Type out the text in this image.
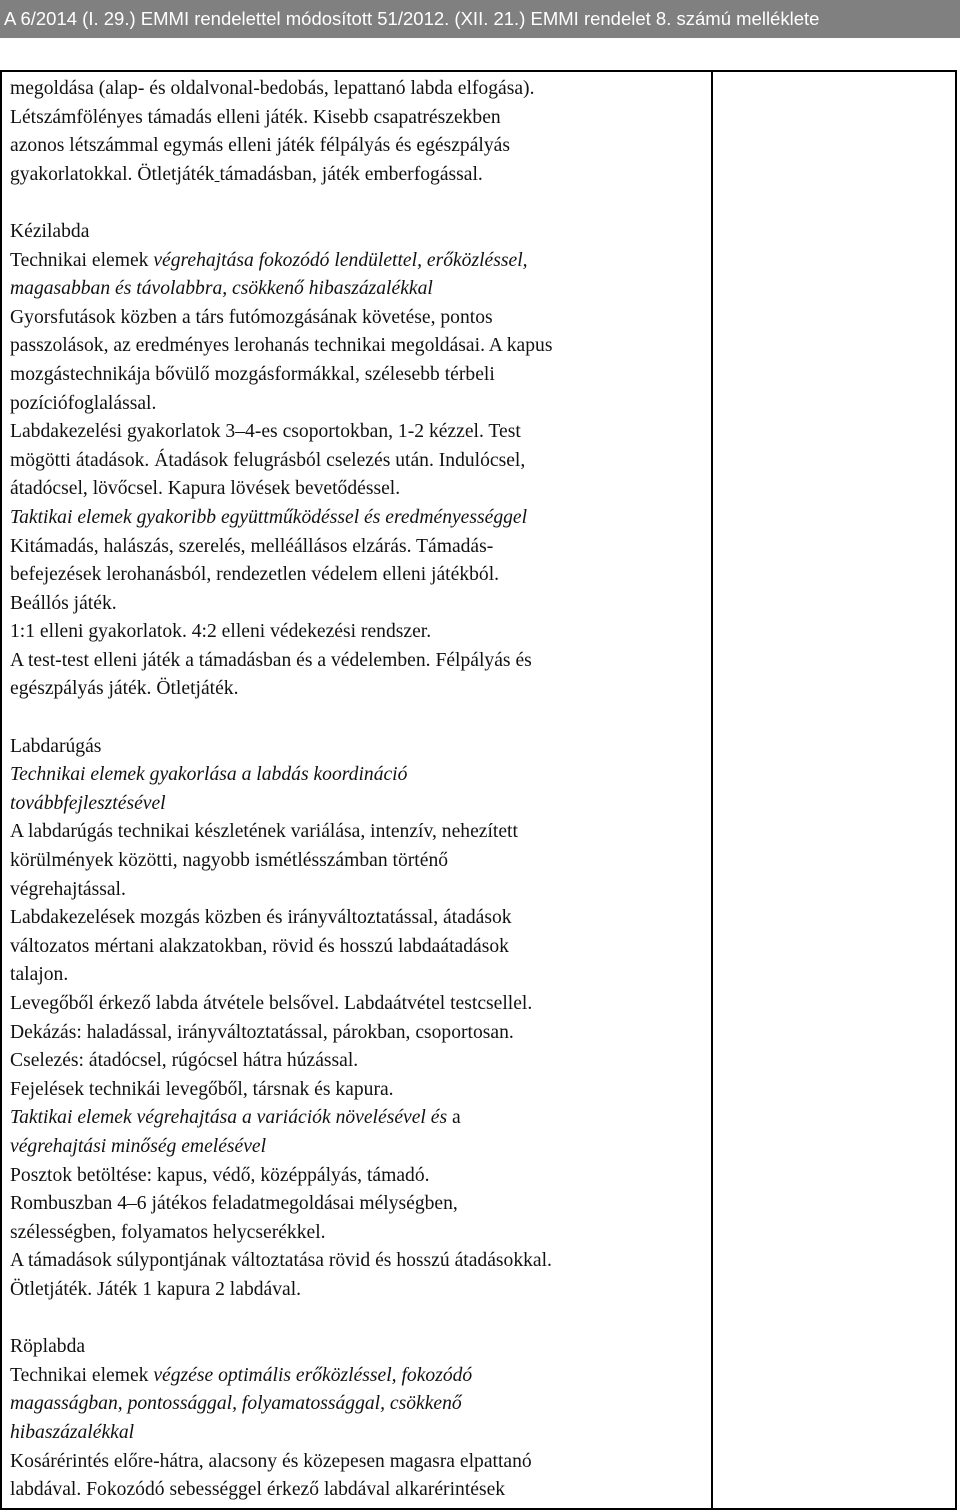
A 6/2014 (I. 29.) EMMI rendelettel módosított 51/2012. (XII. 21.) EMMI rendelet 8. számú melléklete
megoldása (alap- és oldalvonal-bedobás, lepattanó labda elfogása).
Létszámfölényes támadás elleni játék. Kisebb csapatrészekben
azonos létszámmal egymás elleni játék félpályás és egészpályás
gyakorlatokkal. Ötletjáték támadásban, játék emberfogással.
Kézilabda
Technikai elemek végrehajtása fokozódó lendülettel, erőközléssel,
magasabban és távolabbra, csökkenő hibaszázalékkal
Gyorsfutások közben a társ futómozgásának követése, pontos
passzolások, az eredményes lerohanás technikai megoldásai. A kapus
mozgástechnikája bővülő mozgásformákkal, szélesebb térbeli
pozíciófoglalással.
Labdakezelési gyakorlatok 3–4-es csoportokban, 1-2 kézzel. Test
mögötti átadások. Átadások felugrásból cselezés után. Indulócsel,
átadócsel, lövőcsel. Kapura lövések bevetődéssel.
Taktikai elemek gyakoribb együttműködéssel és eredményességgel
Kitámadás, halászás, szerelés, melléállásos elzárás. Támadás-
befejezések lerohanásból, rendezetlen védelem elleni játékból.
Beállós játék.
1:1 elleni gyakorlatok. 4:2 elleni védekezési rendszer.
A test-test elleni játék a támadásban és a védelemben. Félpályás és
egészpályás játék. Ötletjáték.
Labdarúgás
Technikai elemek gyakorlása a labdás koordináció
továbbfejlesztésével
A labdarúgás technikai készletének variálása, intenzív, nehezített
körülmények közötti, nagyobb ismétlésszámban történő
végrehajtással.
Labdakezelések mozgás közben és irányváltoztatással, átadások
változatos mértani alakzatokban, rövid és hosszú labdaátadások
talajon.
Levegőből érkező labda átvétele belsővel. Labdaátvétel testcsellel.
Dekázás: haladással, irányváltoztatással, párokban, csoportosan.
Cselezés: átadócsel, rúgócsel hátra húzással.
Fejelések technikái levegőből, társnak és kapura.
Taktikai elemek végrehajtása a variációk növelésével és a
végrehajtási minőség emelésével
Posztok betöltése: kapus, védő, középpályás, támadó.
Rombuszban 4–6 játékos feladatmegoldásai mélységben,
szélességben, folyamatos helycserékkel.
A támadások súlypontjának változtatása rövid és hosszú átadásokkal.
Ötletjáték. Játék 1 kapura 2 labdával.
Röplabda
Technikai elemek végzése optimális erőközléssel, fokozódó
magasságban, pontossággal, folyamatossággal, csökkenő
hibaszázalékkal
Kosárérintés előre-hátra, alacsony és közepesen magasra elpattanó
labdával. Fokozódó sebességgel érkező labdával alkarérintések
